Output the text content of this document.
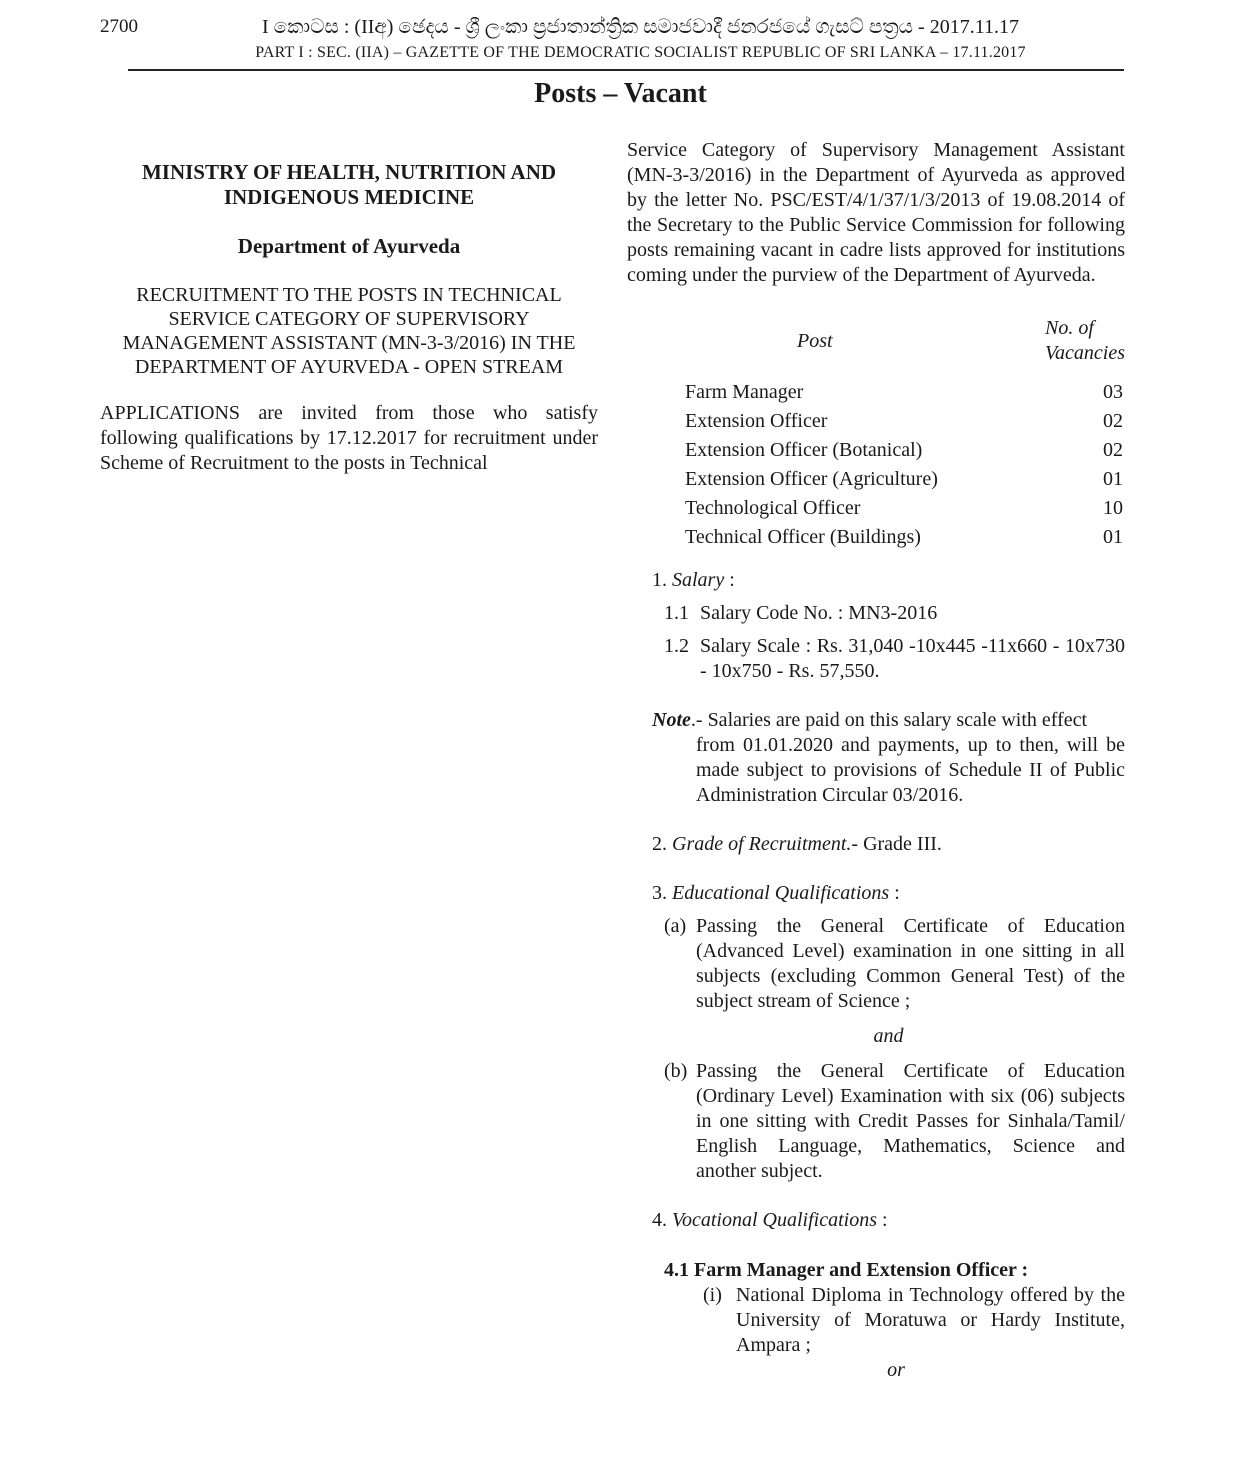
2700	I කොටස : (IIඅ) ඡෙදය - ශ්‍රී ලංකා ප්‍රජාතාන්ත්‍රික සමාජවාදී ජනරජයේ ගැසට් පත්‍රය - 2017.11.17
PART I : SEC. (IIA) – GAZETTE OF THE DEMOCRATIC SOCIALIST REPUBLIC OF SRI LANKA – 17.11.2017
Posts – Vacant
MINISTRY OF HEALTH, NUTRITION AND
INDIGENOUS MEDICINE
Department of Ayurveda
RECRUITMENT TO THE POSTS IN TECHNICAL SERVICE CATEGORY OF SUPERVISORY MANAGEMENT ASSISTANT (MN-3-3/2016) IN THE DEPARTMENT OF AYURVEDA - OPEN STREAM
APPLICATIONS are invited from those who satisfy following qualifications by 17.12.2017 for recruitment under Scheme of Recruitment to the posts in Technical

Service Category of Supervisory Management Assistant (MN-3-3/2016) in the Department of Ayurveda as approved by the letter No. PSC/EST/4/1/37/1/3/2013 of 19.08.2014 of the Secretary to the Public Service Commission for following posts remaining vacant in cadre lists approved for institutions coming under the purview of the Department of Ayurveda.

Post	No. of Vacancies
Farm Manager	03
Extension Officer	02
Extension Officer (Botanical)	02
Extension Officer (Agriculture)	01
Technological Officer	10
Technical Officer (Buildings)	01
1. Salary :
1.1 Salary Code No. : MN3-2016
1.2 Salary Scale : Rs. 31,040 -10x445 -11x660 - 10x730 - 10x750 - Rs. 57,550.
Note.- Salaries are paid on this salary scale with effect
from 01.01.2020 and payments, up to then, will be made subject to provisions of Schedule II of Public Administration Circular 03/2016.
2. Grade of Recruitment.- Grade III.
3. Educational Qualifications :
(a) Passing the General Certificate of Education (Advanced Level) examination in one sitting in all subjects (excluding Common General Test) of the subject stream of Science ;
and
(b) Passing the General Certificate of Education (Ordinary Level) Examination with six (06) subjects in one sitting with Credit Passes for Sinhala/Tamil/ English Language, Mathematics, Science and another subject.
4. Vocational Qualifications :
4.1 Farm Manager and Extension Officer :
(i) National Diploma in Technology offered by the University of Moratuwa or Hardy Institute, Ampara ;
or
